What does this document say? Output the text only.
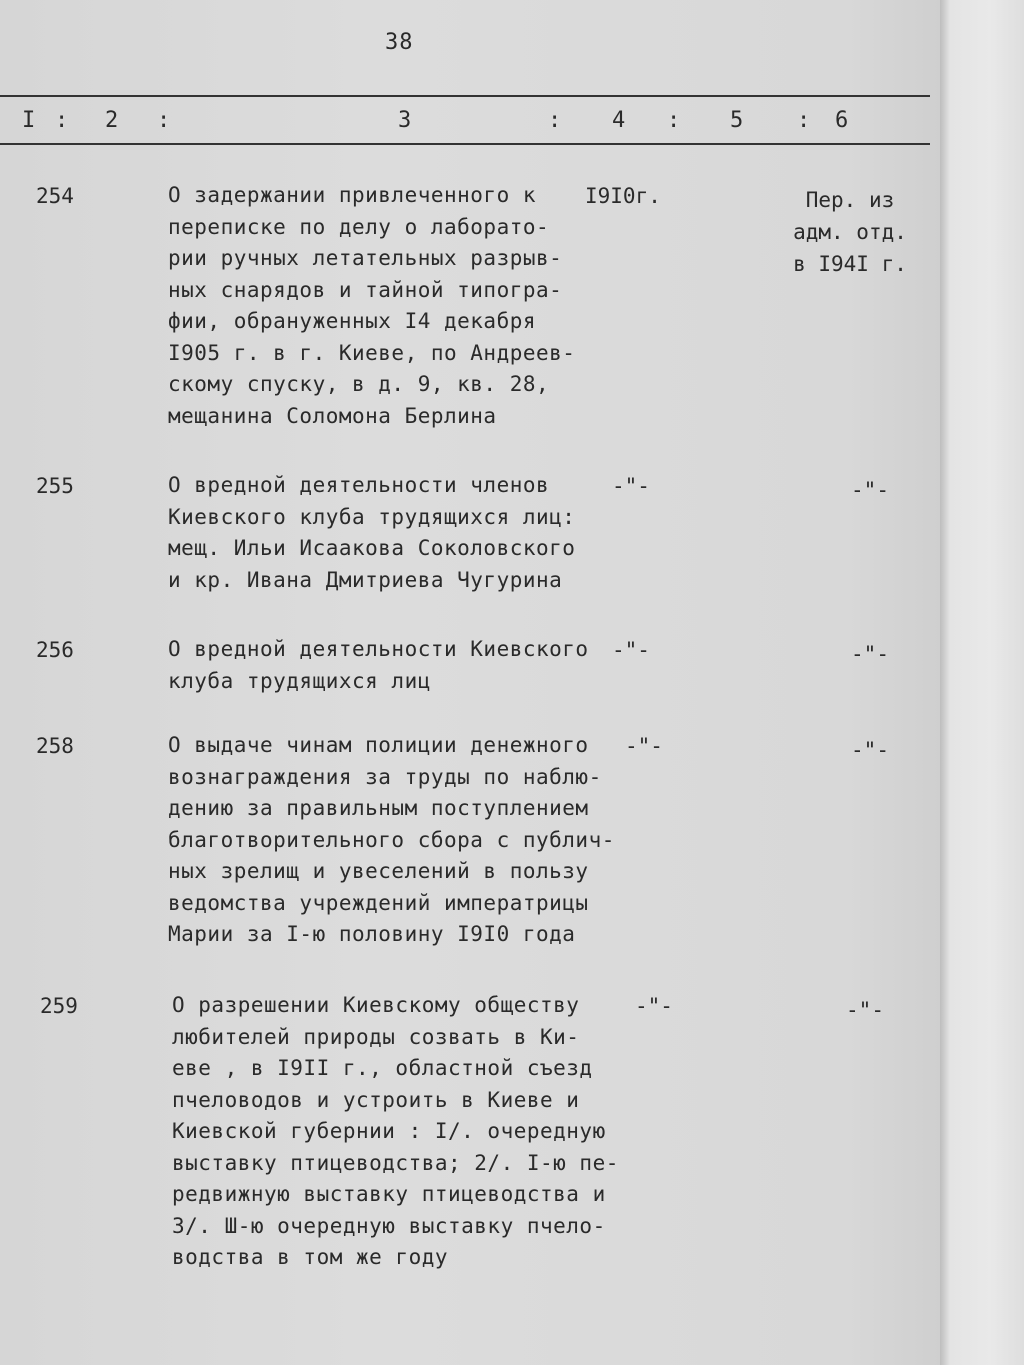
38
I : 2 :	3	: 4 : 5 : 6
254	О задержании привлеченного к
переписке по делу о лаборато-
рии ручных летательных разрыв-
ных снарядов и тайной типогра-
фии, обрануженных I4 декабря
I905 г. в г. Киеве, по Андреев-
скому спуску, в д. 9, кв. 28,
мещанина Соломона Берлина
I9I0г.	Пер. из
адм. отд.
в I94I г.
255	О вредной деятельности членов
Киевского клуба трудящихся лиц:
мещ. Ильи Исаакова Соколовского
и кр. Ивана Дмитриева Чугурина
-"-	-"-
256	О вредной деятельности Киевского
клуба трудящихся лиц
-"-	-"-
258	О выдаче чинам полиции денежного
вознаграждения за труды по наблю-
дению за правильным поступлением
благотворительного сбора с публич-
ных зрелищ и увеселений в пользу
ведомства учреждений императрицы
Марии за I-ю половину I9I0 года
-"-	-"-
259	О разрешении Киевскому обществу
любителей природы созвать в Ки-
еве , в I9II г., областной съезд
пчеловодов и устроить в Киеве и
Киевской губернии : I/. очередную
выставку птицеводства; 2/. I-ю пе-
редвижную выставку птицеводства и
3/. Ш-ю очередную выставку пчело-
водства в том же году
-"-	-"-
